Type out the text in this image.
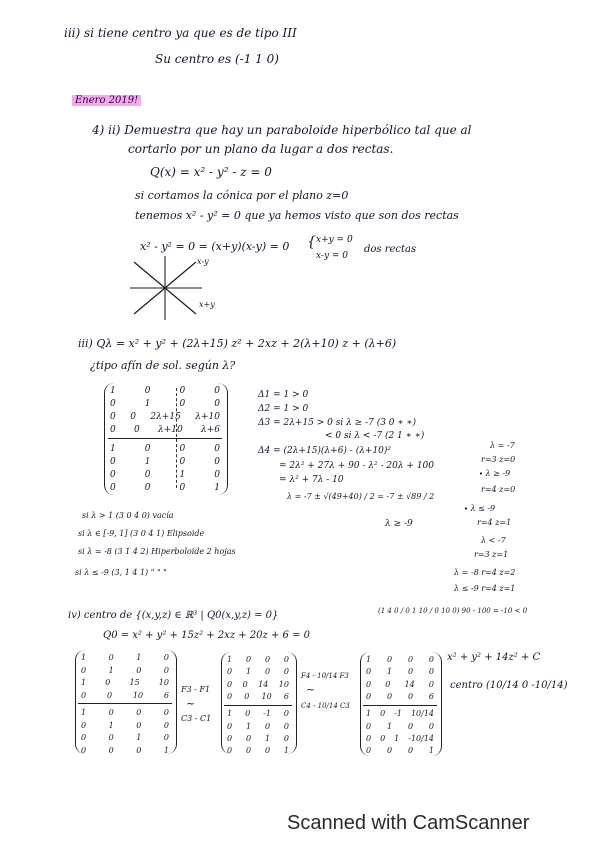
iii) si tiene centro ya que es de tipo III
Su centro es (-1 1 0)
Enero 2019!
4) ii) Demuestra que hay un paraboloide hiperbólico tal que al
cortarlo por un plano da lugar a dos rectas.
Q(x) = x² - y² - z = 0
si cortamos la cónica por el plano z=0
tenemos x² - y² = 0 que ya hemos visto que son dos rectas
x² - y² = 0 = (x+y)(x-y) = 0 { x+y = 0
x-y = 0
dos rectas
x-y
x+y
iii) Qλ = x² + y² + (2λ+15) z² + 2xz + 2(λ+10) z + (λ+6)
¿tipo afín de sol. según λ?
1	0	0	0
0	1	0	0
0 0 2λ+15 λ+10
0 0 λ+10 λ+6
1	0	0	0
0	1	0	0
0	0	1	0
0	0	0	1
Δ1 = 1 > 0
Δ2 = 1 > 0
Δ3 = 2λ+15 > 0 si λ ≥ -7 (3 0 ∗ ∗)
< 0 si λ < -7 (2 1 ∗ ∗)
Δ4 = (2λ+15)(λ+6) - (λ+10)²
= 2λ² + 27λ + 90 - λ² - 20λ + 100
= λ² + 7λ - 10
λ = -7 ± √(49+40) / 2 = -7 ± √89 / 2
λ ≥ -9
λ = -7
r=3 z=0
∙ λ ≥ -9
r=4 z=0
∙ λ ≤ -9
r=4 z=1
λ < -7
r=3 z=1
λ = -8 r=4 z=2
λ ≤ -9 r=4 z=1
si λ > 1 (3 0 4 0) vacía
si λ ∈ [-9, 1] (3 0 4 1) Elipsoide
si λ = -8 (3 1 4 2) Hiperboloide 2 hojas
si λ ≤ -9 (3, 1 4 1) " " "
iv) centro de {(x,y,z) ∈ ℝ³ | Q0(x,y,z) = 0}	(1 4 0 / 0 1 10 / 0 10 0) 90 - 100 = -10 < 0
Q0 = x² + y² + 15z² + 2xz + 20z + 6 = 0
1	0	1	0
0	1	0	0
1 0 15 10
0	0	10	6
1	0	0	0
0	1	0	0
0	0	1	0
0	0	0	1
F3 - F1
~
C3 - C1
1 0 0 0
0 1 0 0
0 0 14 10
0 0 10 6
1 0 -1 0
0 1 0 0
0 0 1 0
0 0 0 1
F4 - 10/14 F3
~
C4 - 10/14 C3
1 0 0 0
0 1 0 0
0 0 14 0
0 0 0 6
1 0 -1 10/14
0 1 0 0
0 0 1 -10/14
0 0 0 1
x² + y² + 14z² + C
centro (10/14 0 -10/14)
Scanned with CamScanner
